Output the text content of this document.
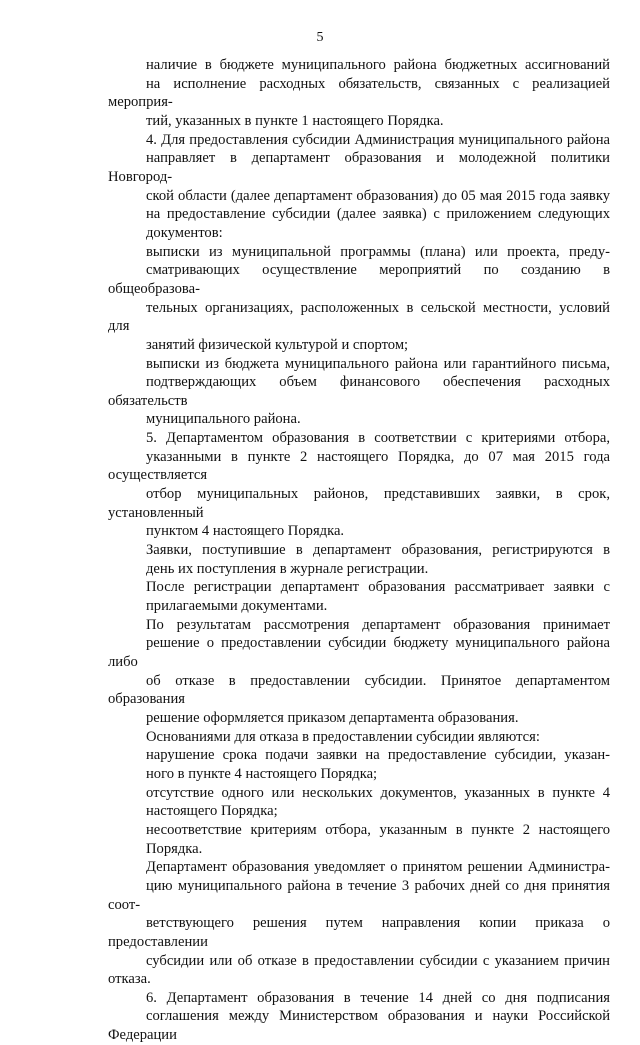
5
наличие в бюджете муниципального района бюджетных ассигнований
на исполнение расходных обязательств, связанных с реализацией мероприя-
тий, указанных в пункте 1 настоящего Порядка.
4. Для предоставления субсидии Администрация муниципального района
направляет в департамент образования и молодежной политики Новгород-
ской области (далее департамент образования) до 05 мая 2015 года заявку
на предоставление субсидии (далее заявка) с приложением следующих
документов:
выписки из муниципальной программы (плана) или проекта, преду-
сматривающих осуществление мероприятий по созданию в общеобразова-
тельных организациях, расположенных в сельской местности, условий для
занятий физической культурой и спортом;
выписки из бюджета муниципального района или гарантийного письма,
подтверждающих объем финансового обеспечения расходных обязательств
муниципального района.
5. Департаментом образования в соответствии с критериями отбора,
указанными в пункте 2 настоящего Порядка, до 07 мая 2015 года осуществляется
отбор муниципальных районов, представивших заявки, в срок, установленный
пунктом 4 настоящего Порядка.
Заявки, поступившие в департамент образования, регистрируются в
день их поступления в журнале регистрации.
После регистрации департамент образования рассматривает заявки с
прилагаемыми документами.
По результатам рассмотрения департамент образования принимает
решение о предоставлении субсидии бюджету муниципального района либо
об отказе в предоставлении субсидии. Принятое департаментом образования
решение оформляется приказом департамента образования.
Основаниями для отказа в предоставлении субсидии являются:
нарушение срока подачи заявки на предоставление субсидии, указан-
ного в пункте 4 настоящего Порядка;
отсутствие одного или нескольких документов, указанных в пункте 4
настоящего Порядка;
несоответствие критериям отбора, указанным в пункте 2 настоящего
Порядка.
Департамент образования уведомляет о принятом решении Администра-
цию муниципального района в течение 3 рабочих дней со дня принятия соот-
ветствующего решения путем направления копии приказа о предоставлении
субсидии или об отказе в предоставлении субсидии с указанием причин отказа.
6. Департамент образования в течение 14 дней со дня подписания
соглашения между Министерством образования и науки Российской Федерации
